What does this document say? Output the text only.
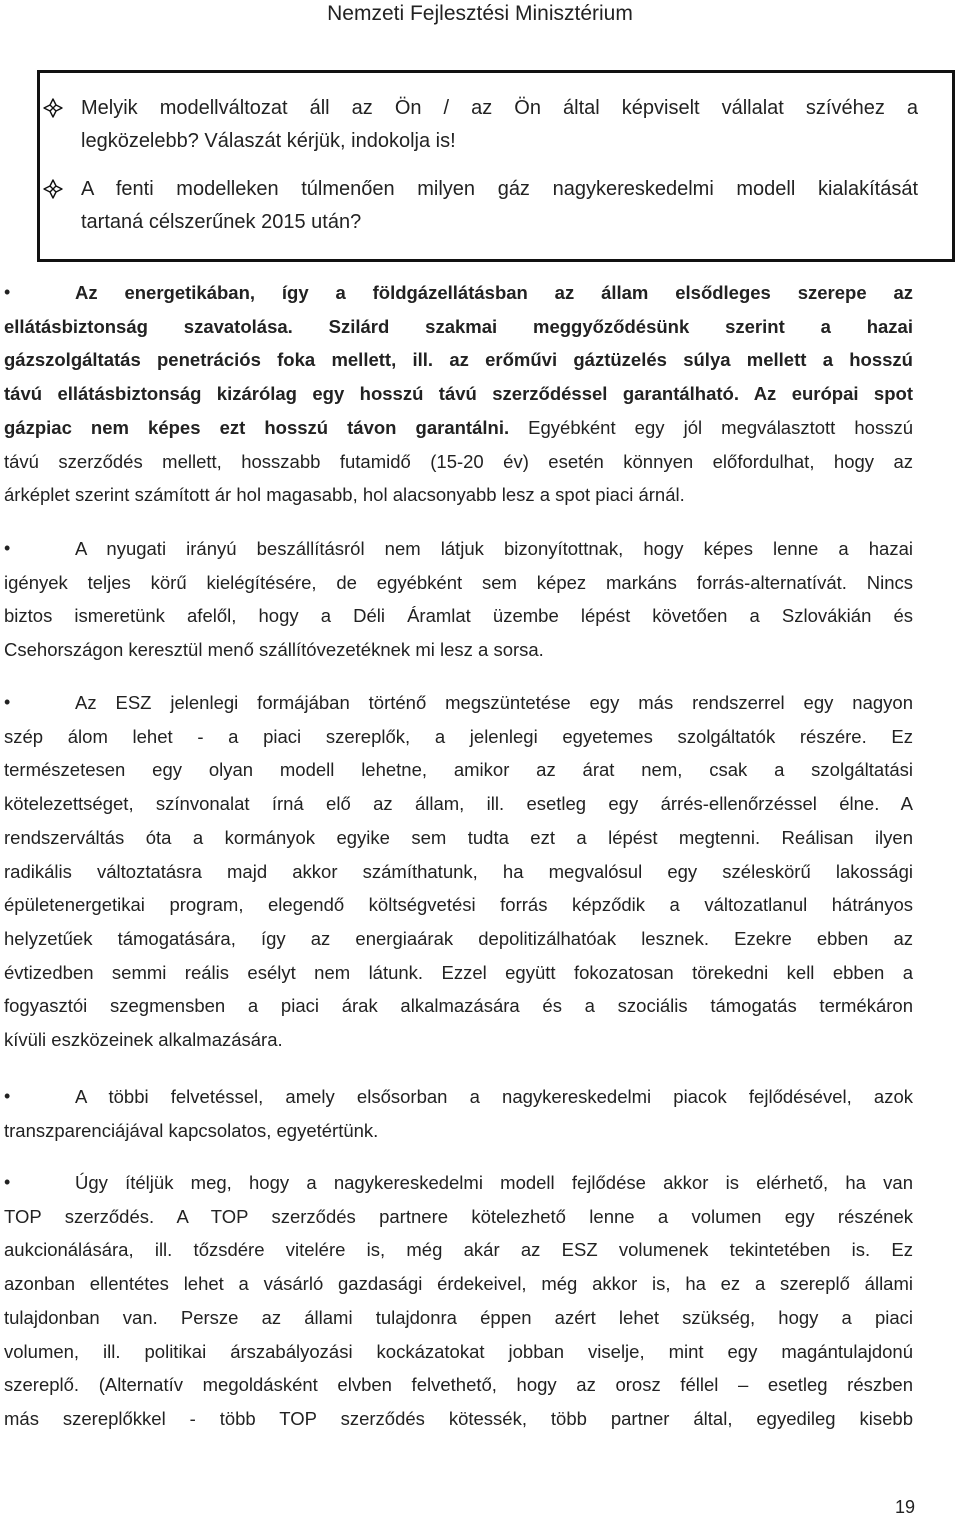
Nemzeti Fejlesztési Minisztérium
Melyik modellváltozat áll az Ön / az Ön által képviselt vállalat szívéhez a
legközelebb? Válaszát kérjük, indokolja is!
A fenti modelleken túlmenően milyen gáz nagykereskedelmi modell kialakítását
tartaná célszerűnek 2015 után?
•	Az energetikában, így a földgázellátásban az állam elsődleges szerepe az
ellátásbiztonság szavatolása. Szilárd szakmai meggyőződésünk szerint a hazai
gázszolgáltatás penetrációs foka mellett, ill. az erőművi gáztüzelés súlya mellett a hosszú
távú ellátásbiztonság kizárólag egy hosszú távú szerződéssel garantálható. Az európai spot
gázpiac nem képes ezt hosszú távon garantálni. Egyébként egy jól megválasztott hosszú
távú szerződés mellett, hosszabb futamidő (15-20 év) esetén könnyen előfordulhat, hogy az
árképlet szerint számított ár hol magasabb, hol alacsonyabb lesz a spot piaci árnál.
•	A nyugati irányú beszállításról nem látjuk bizonyítottnak, hogy képes lenne a hazai
igények teljes körű kielégítésére, de egyébként sem képez markáns forrás-alternatívát. Nincs
biztos ismeretünk afelől, hogy a Déli Áramlat üzembe lépést követően a Szlovákián és
Csehországon keresztül menő szállítóvezetéknek mi lesz a sorsa.
•	Az ESZ jelenlegi formájában történő megszüntetése egy más rendszerrel egy nagyon
szép álom lehet - a piaci szereplők, a jelenlegi egyetemes szolgáltatók részére. Ez
természetesen egy olyan modell lehetne, amikor az árat nem, csak a szolgáltatási
kötelezettséget, színvonalat írná elő az állam, ill. esetleg egy árrés-ellenőrzéssel élne. A
rendszerváltás óta a kormányok egyike sem tudta ezt a lépést megtenni. Reálisan ilyen
radikális változtatásra majd akkor számíthatunk, ha megvalósul egy széleskörű lakossági
épületenergetikai program, elegendő költségvetési forrás képződik a változatlanul hátrányos
helyzetűek támogatására, így az energiaárak depolitizálhatóak lesznek. Ezekre ebben az
évtizedben semmi reális esélyt nem látunk. Ezzel együtt fokozatosan törekedni kell ebben a
fogyasztói szegmensben a piaci árak alkalmazására és a szociális támogatás termékáron
kívüli eszközeinek alkalmazására.
•	A többi felvetéssel, amely elsősorban a nagykereskedelmi piacok fejlődésével, azok
transzparenciájával kapcsolatos, egyetértünk.
•	Úgy ítéljük meg, hogy a nagykereskedelmi modell fejlődése akkor is elérhető, ha van
TOP szerződés. A TOP szerződés partnere kötelezhető lenne a volumen egy részének
aukcionálására, ill. tőzsdére vitelére is, még akár az ESZ volumenek tekintetében is. Ez
azonban ellentétes lehet a vásárló gazdasági érdekeivel, még akkor is, ha ez a szereplő állami
tulajdonban van. Persze az állami tulajdonra éppen azért lehet szükség, hogy a piaci
volumen, ill. politikai árszabályozási kockázatokat jobban viselje, mint egy magántulajdonú
szereplő. (Alternatív megoldásként elvben felvethető, hogy az orosz féllel – esetleg részben
más szereplőkkel - több TOP szerződés kötessék, több partner által, egyedileg kisebb
19
